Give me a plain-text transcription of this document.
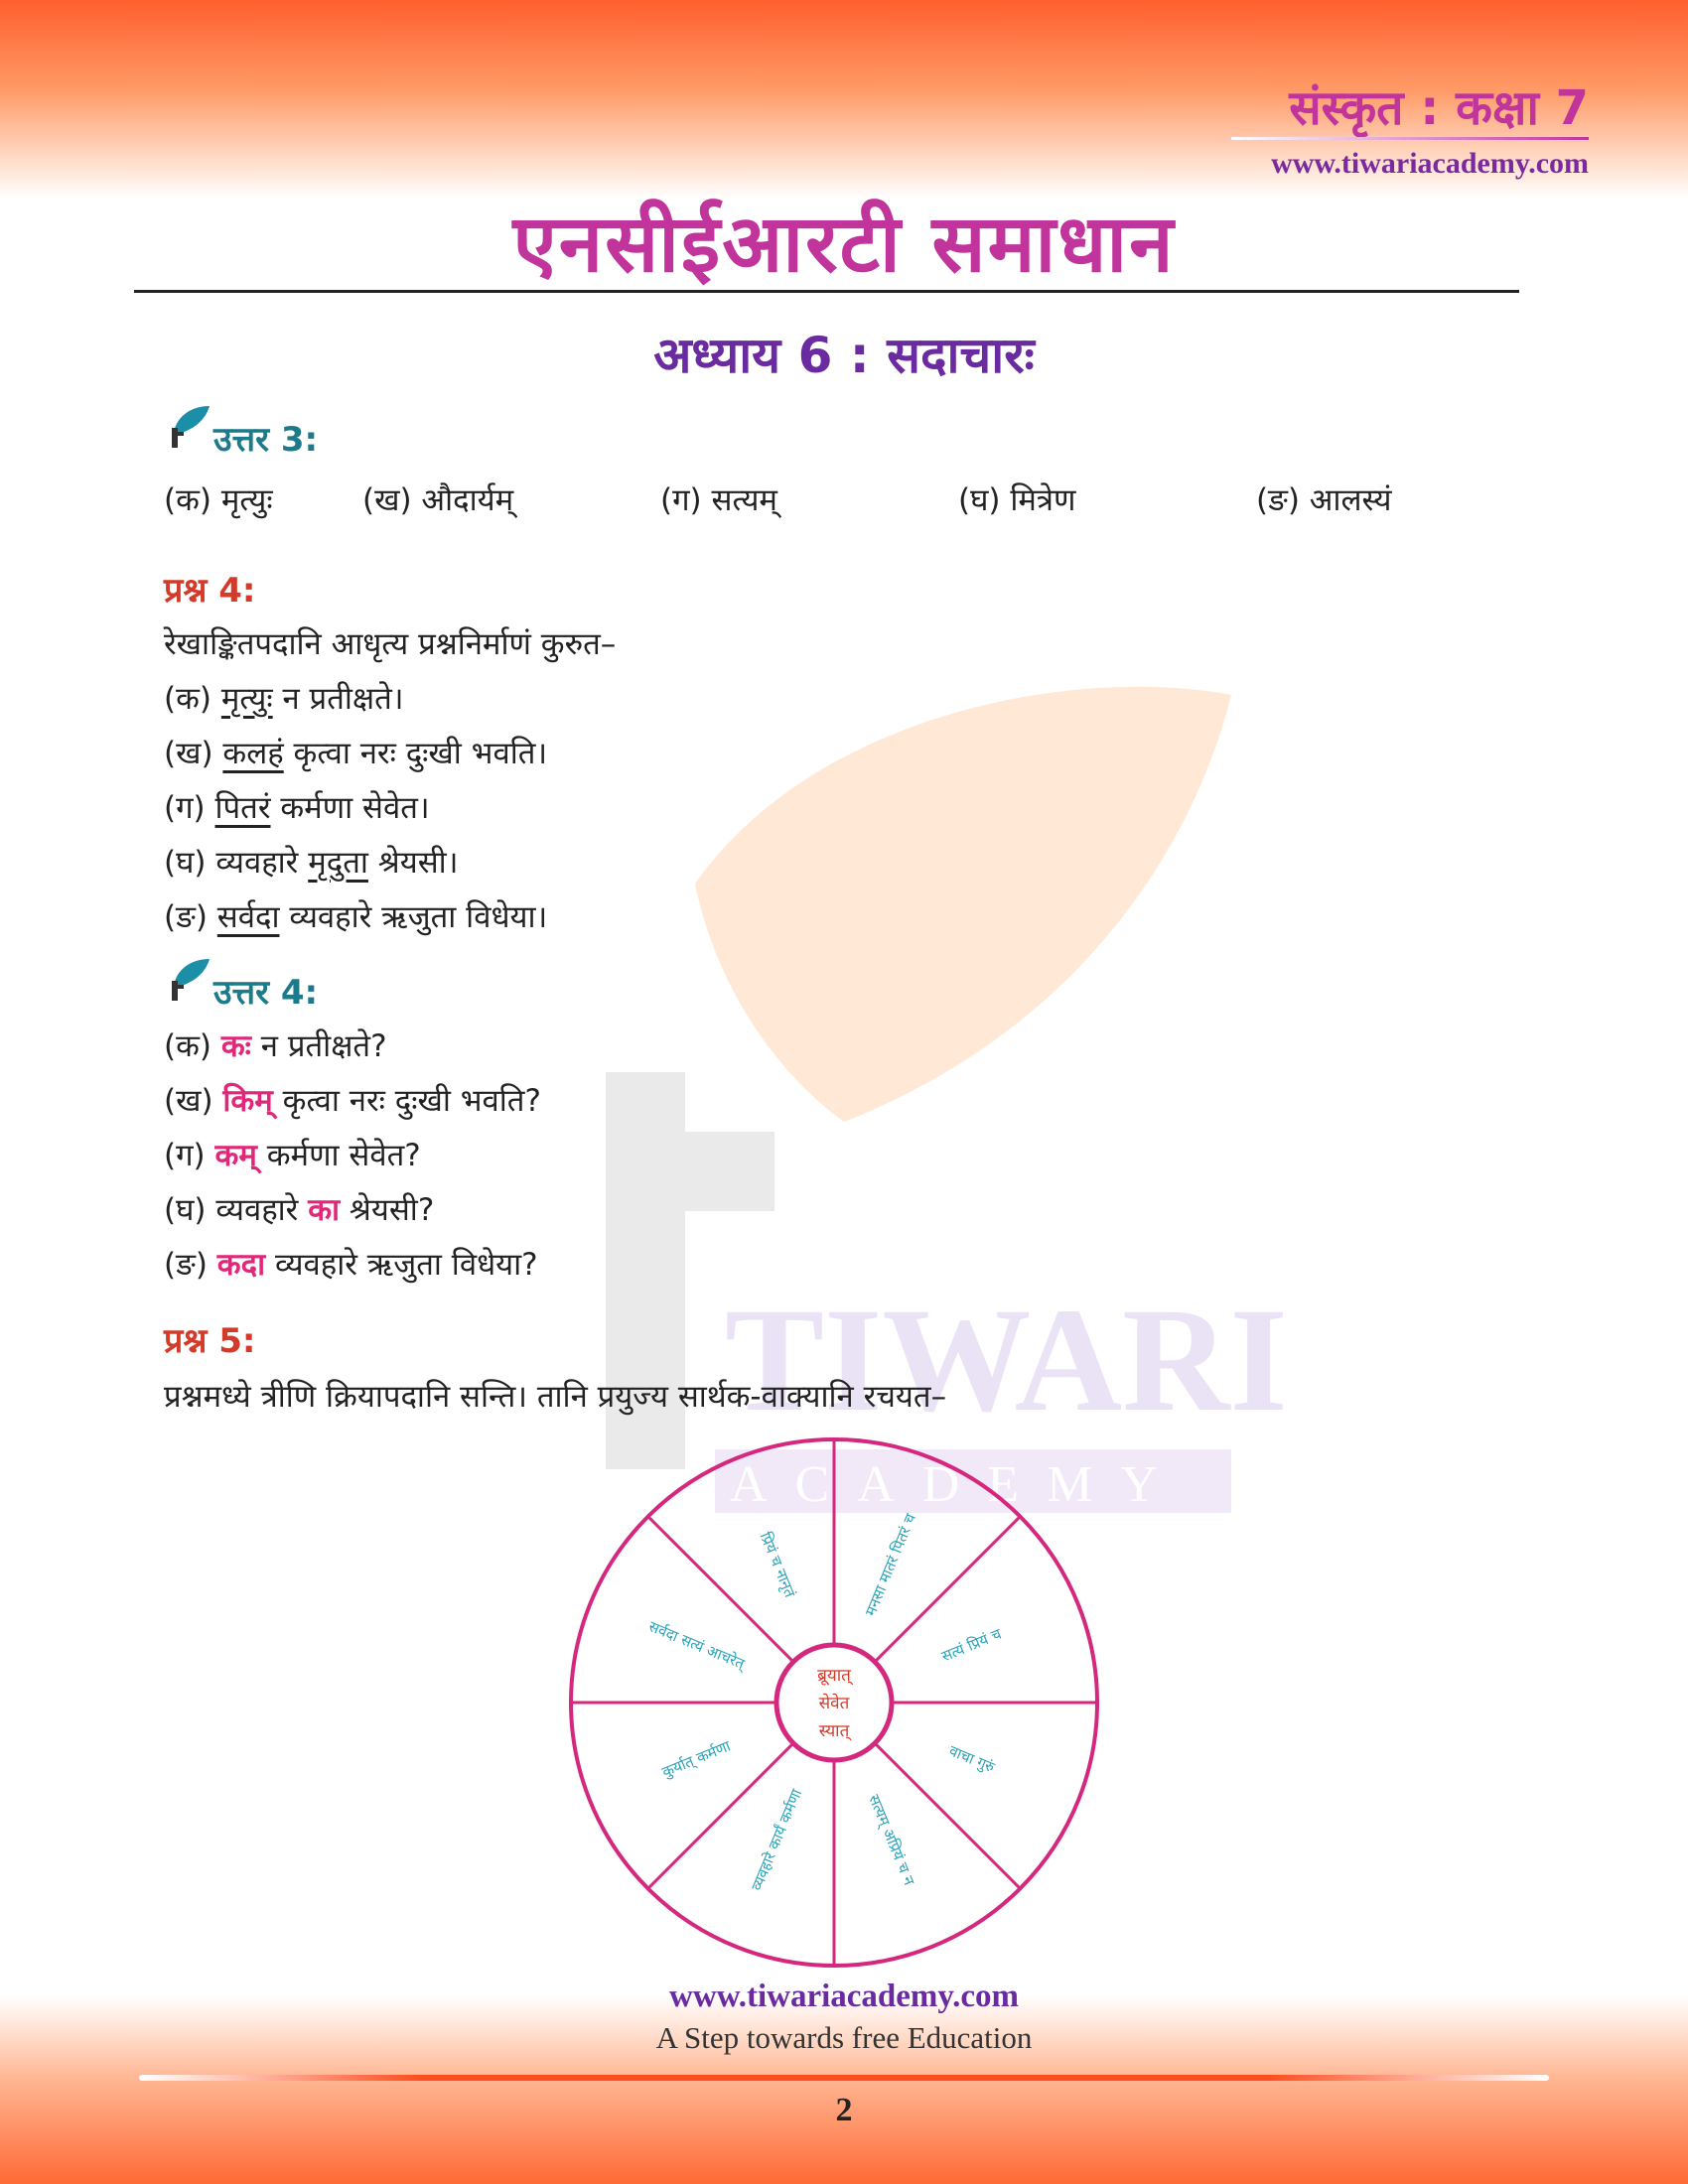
TIWARI
ACADEMY
संस्कृत : कक्षा 7
www.tiwariacademy.com
एनसीईआरटी समाधान
अध्याय 6 : सदाचारः
उत्तर 3:
(क) मृत्युः	(ख) औदार्यम्	(ग) सत्यम्	(घ) मित्रेण	(ङ) आलस्यं
प्रश्न 4:
रेखाङ्कितपदानि आधृत्य प्रश्ननिर्माणं कुरुत–
(क) मृत्युः न प्रतीक्षते।
(ख) कलहं कृत्वा नरः दुःखी भवति।
(ग) पितरं कर्मणा सेवेत।
(घ) व्यवहारे मृदुता श्रेयसी।
(ङ) सर्वदा व्यवहारे ऋजुता विधेया।
उत्तर 4:
(क) कः न प्रतीक्षते?
(ख) किम् कृत्वा नरः दुःखी भवति?
(ग) कम् कर्मणा सेवेत?
(घ) व्यवहारे का श्रेयसी?
(ङ) कदा व्यवहारे ऋजुता विधेया?
प्रश्न 5:
प्रश्नमध्ये त्रीणि क्रियापदानि सन्ति। तानि प्रयुज्य सार्थक-वाक्यानि रचयत–
ब्रूयात्
सेवेत
स्यात्
मनसा मातरं पितरं च
सत्यं प्रियं च
वाचा गुरुं
सत्यम् अप्रियं च न
व्यवहारे कार्यं कर्मणा
कुर्यात् कर्मणा
सर्वदा सत्यं आचरेत्
प्रियं च नानृतं
www.tiwariacademy.com
A Step towards free Education
2
